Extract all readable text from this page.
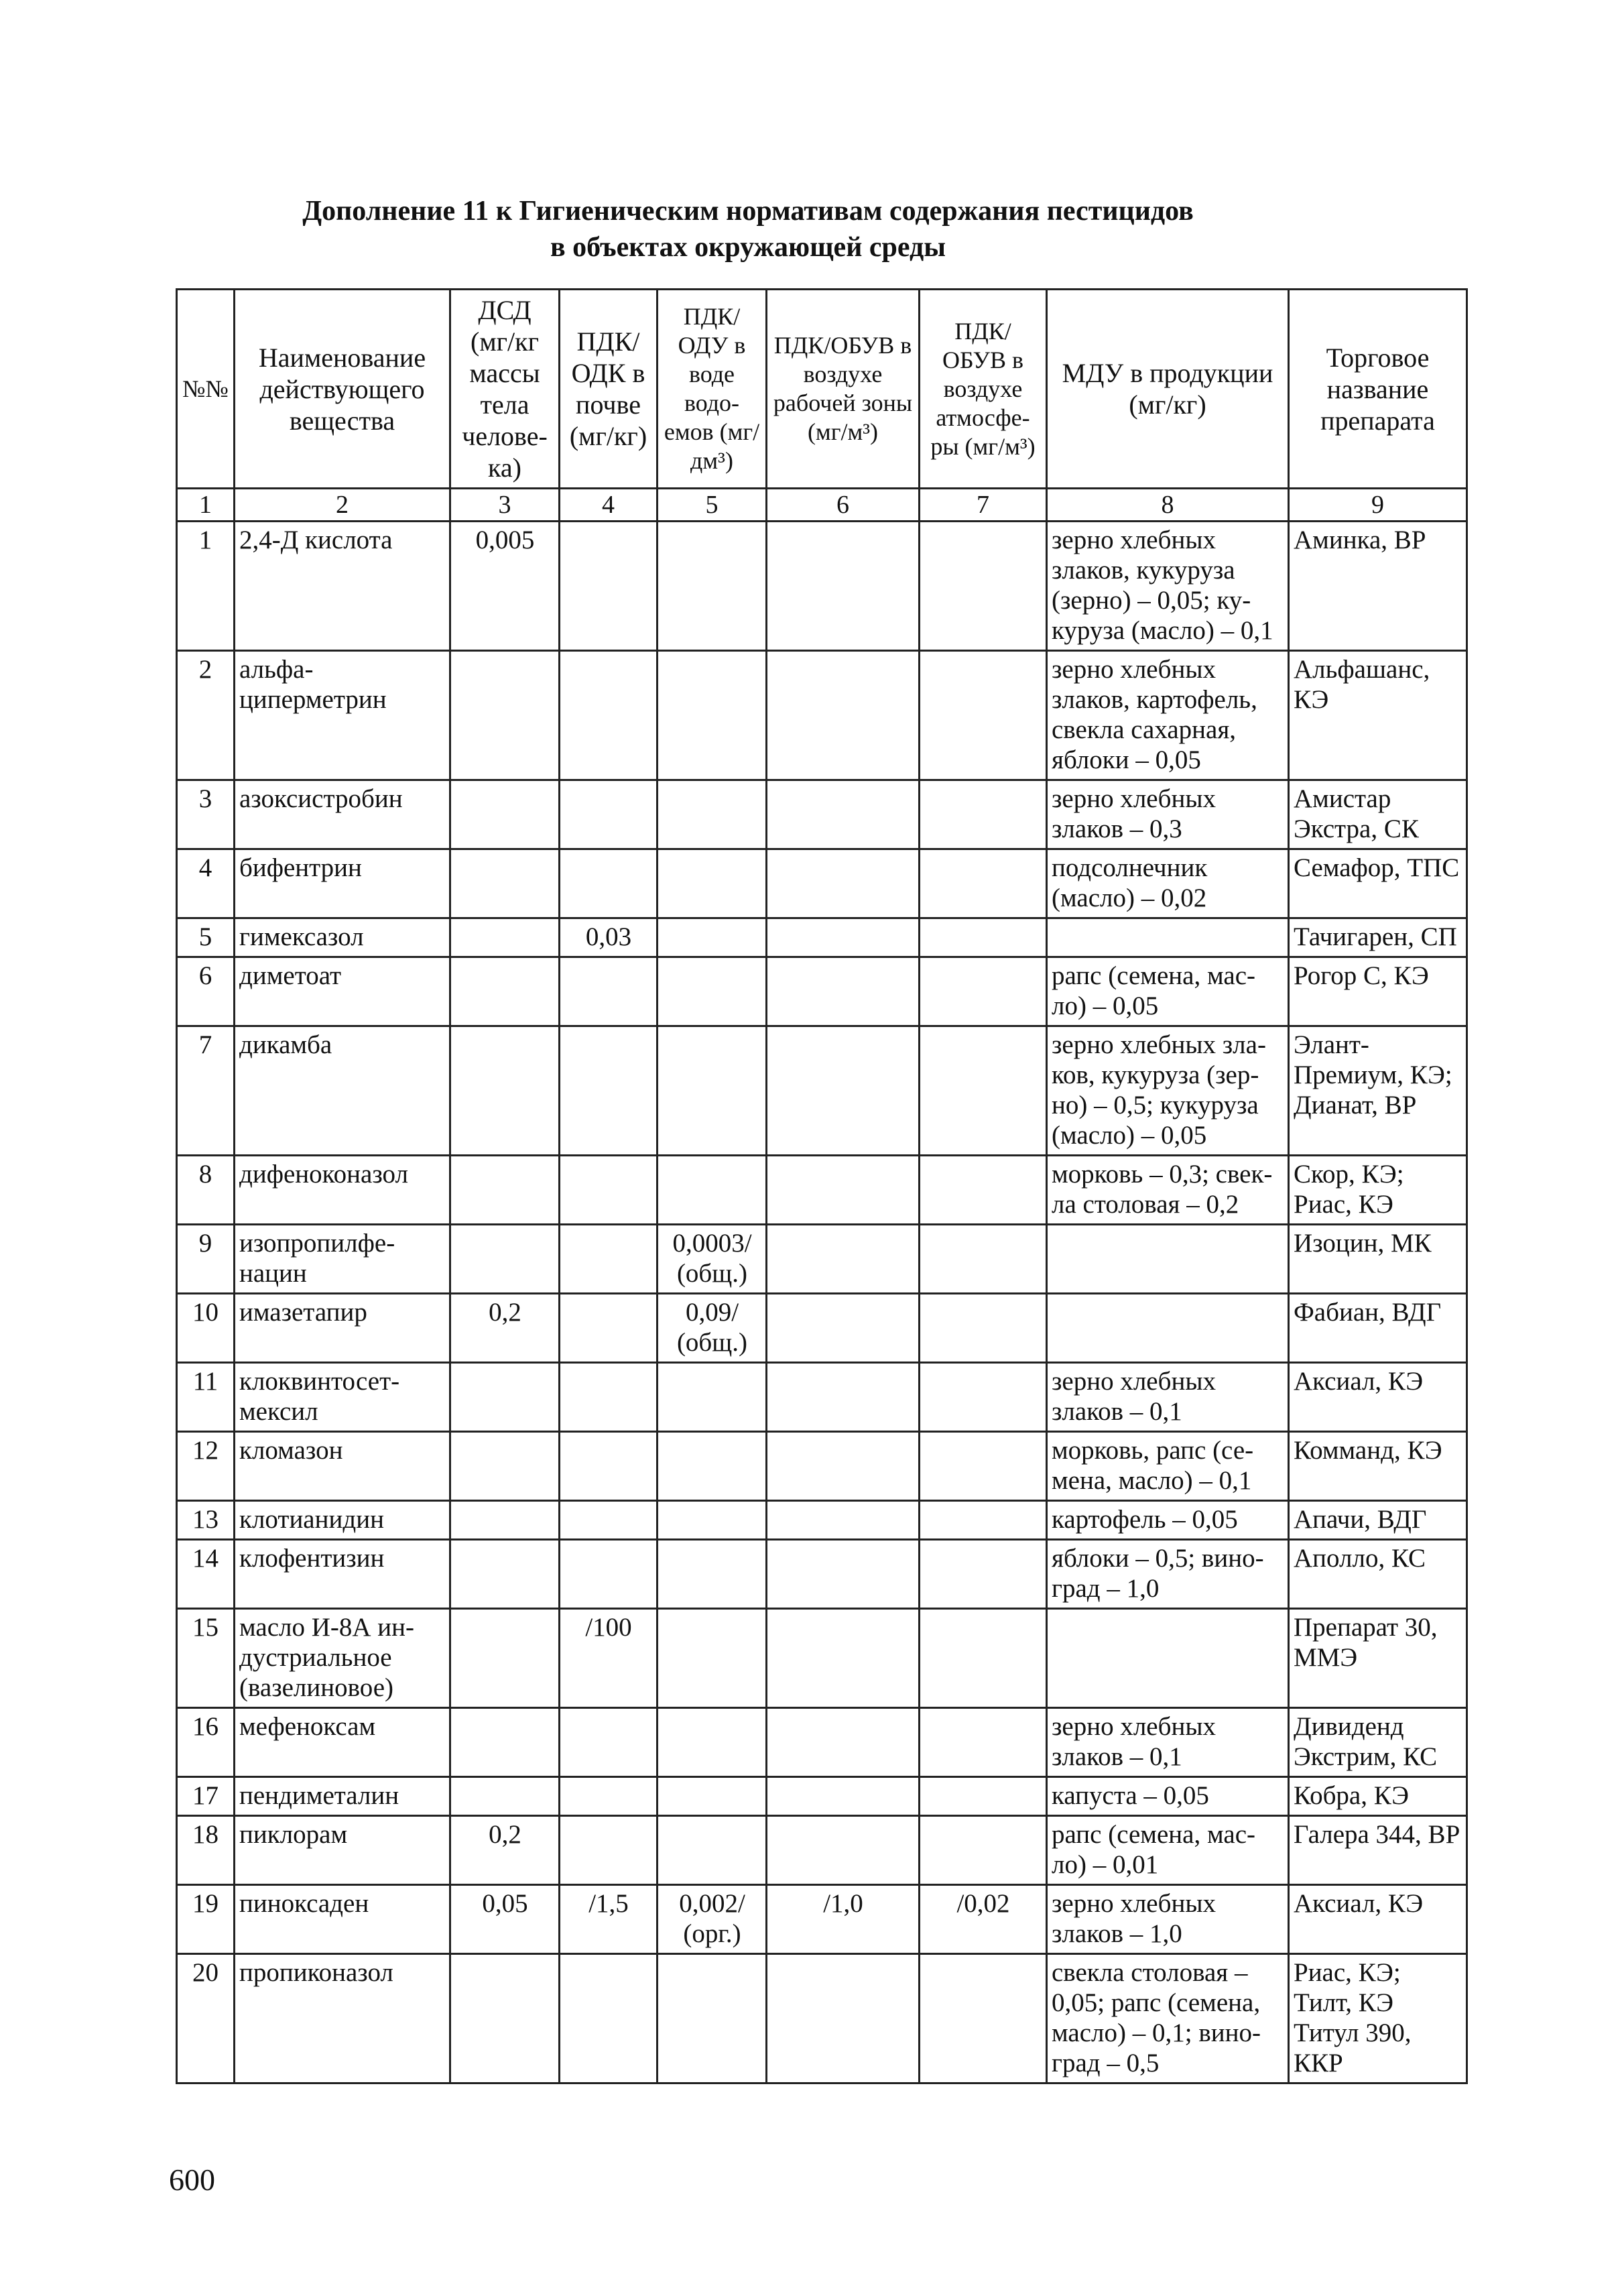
Дополнение 11 к Гигиеническим нормативам содержания пестицидов
в объектах окружающей среды
№№	Наименование действующего вещества	ДСД (мг/кг массы тела челове-ка)	ПДК/ ОДК в почве (мг/кг)	ПДК/ ОДУ в воде водо-емов (мг/дм³)	ПДК/ОБУВ в воздухе рабочей зоны (мг/м³)	ПДК/ ОБУВ в воздухе атмосфе-ры (мг/м³)	МДУ в продукции (мг/кг)	Торговое название препарата
1	2	3	4	5	6	7	8	9
1	2,4-Д кислота	0,005					зерно хлебных злаков, кукуруза (зерно) – 0,05; ку-куруза (масло) – 0,1	Аминка, ВР
2	альфа-циперметрин						зерно хлебных злаков, картофель, свекла сахарная, яблоки – 0,05	Альфашанс, КЭ
3	азоксистробин						зерно хлебных злаков – 0,3	Амистар Экстра, СК
4	бифентрин						подсолнечник (масло) – 0,02	Семафор, ТПС
5	гимексазол		0,03					Тачигарен, СП
6	диметоат						рапс (семена, мас-ло) – 0,05	Рогор С, КЭ
7	дикамба						зерно хлебных зла-ков, кукуруза (зер-но) – 0,5; кукуруза (масло) – 0,05	Элант-Премиум, КЭ; Дианат, ВР
8	дифеноконазол						морковь – 0,3; свек-ла столовая – 0,2	Скор, КЭ; Риас, КЭ
9	изопропилфе-нацин			0,0003/ (общ.)				Изоцин, МК
10	имазетапир	0,2		0,09/ (общ.)				Фабиан, ВДГ
11	клоквинтосет-мексил						зерно хлебных злаков – 0,1	Аксиал, КЭ
12	кломазон						морковь, рапс (се-мена, масло) – 0,1	Комманд, КЭ
13	клотианидин						картофель – 0,05	Апачи, ВДГ
14	клофентизин						яблоки – 0,5; вино-град – 1,0	Аполло, КС
15	масло И-8А ин-дустриальное (вазелиновое)		/100					Препарат 30, ММЭ
16	мефеноксам						зерно хлебных злаков – 0,1	Дивиденд Экстрим, КС
17	пендиметалин						капуста – 0,05	Кобра, КЭ
18	пиклорам	0,2					рапс (семена, мас-ло) – 0,01	Галера 344, ВР
19	пиноксаден	0,05	/1,5	0,002/ (орг.)	/1,0	/0,02	зерно хлебных злаков – 1,0	Аксиал, КЭ
20	пропиконазол						свекла столовая – 0,05; рапс (семена, масло) – 0,1; вино-град – 0,5	Риас, КЭ; Тилт, КЭ Титул 390, ККР
600
